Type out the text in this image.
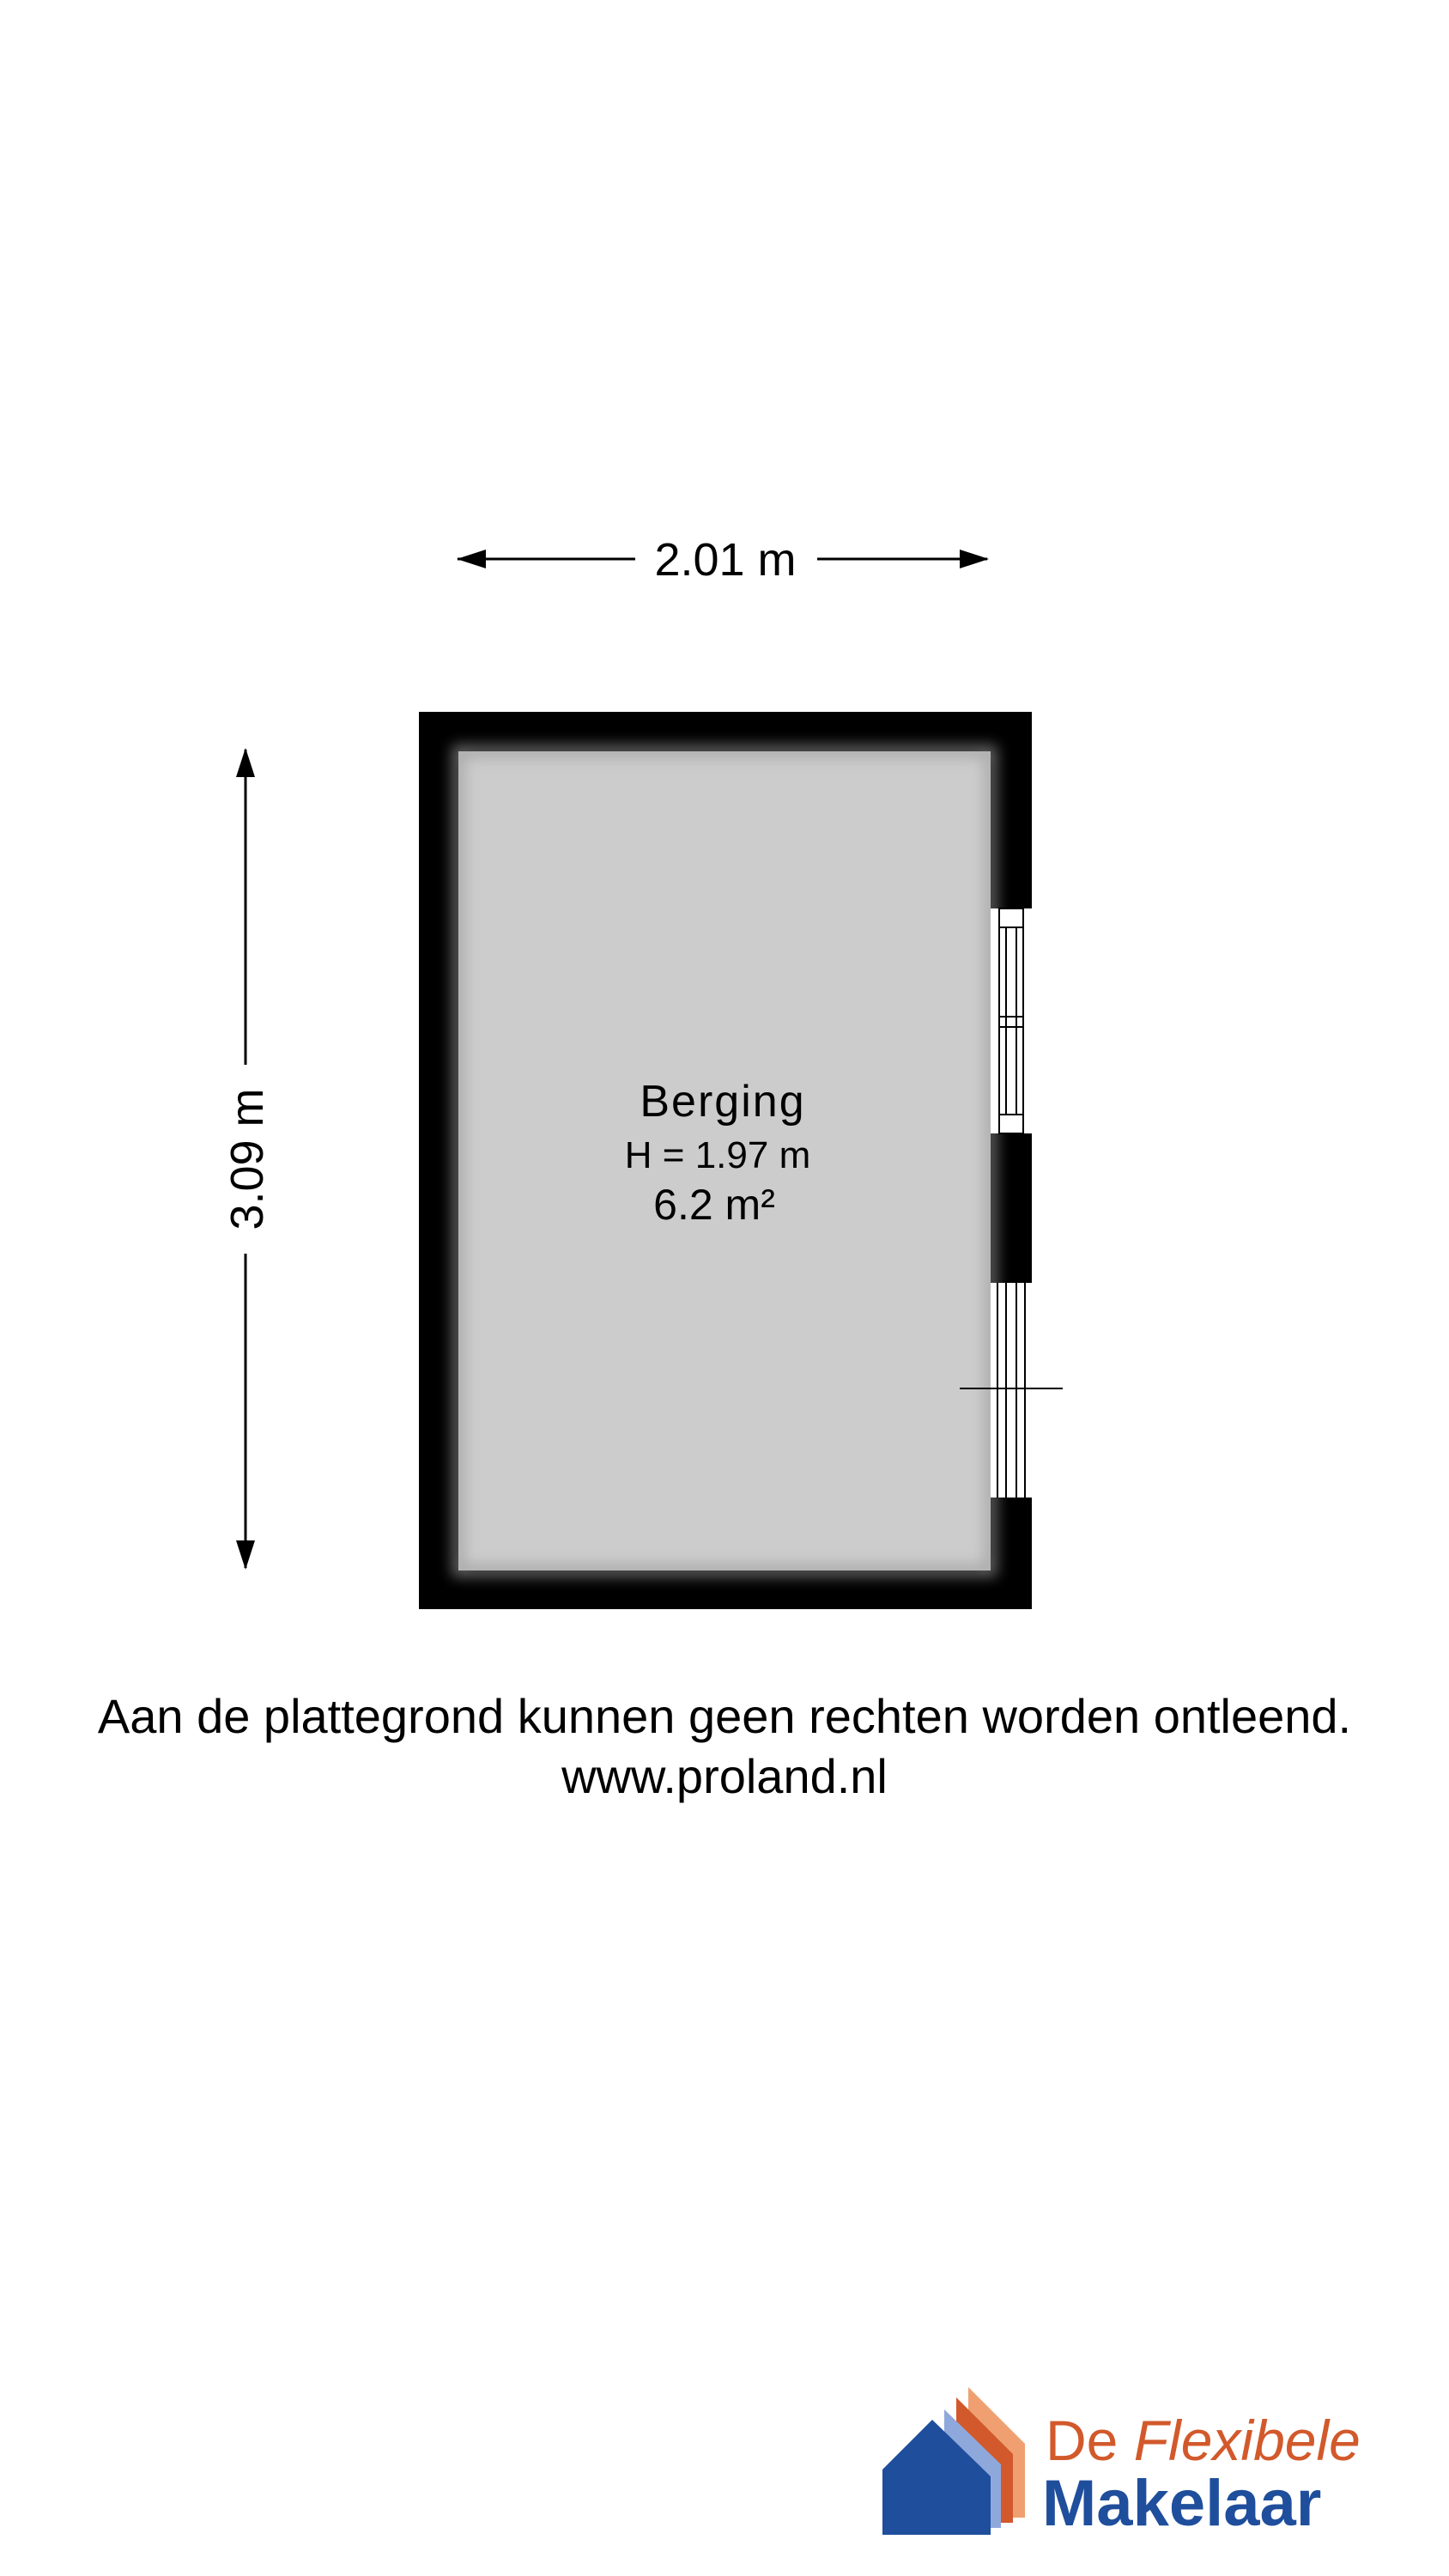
2.01 m
3.09 m	Berging
H = 1.97 m
6.2 m²
Aan de plattegrond kunnen geen rechten worden ontleend.
www.proland.nl
De Flexibele
Makelaar
